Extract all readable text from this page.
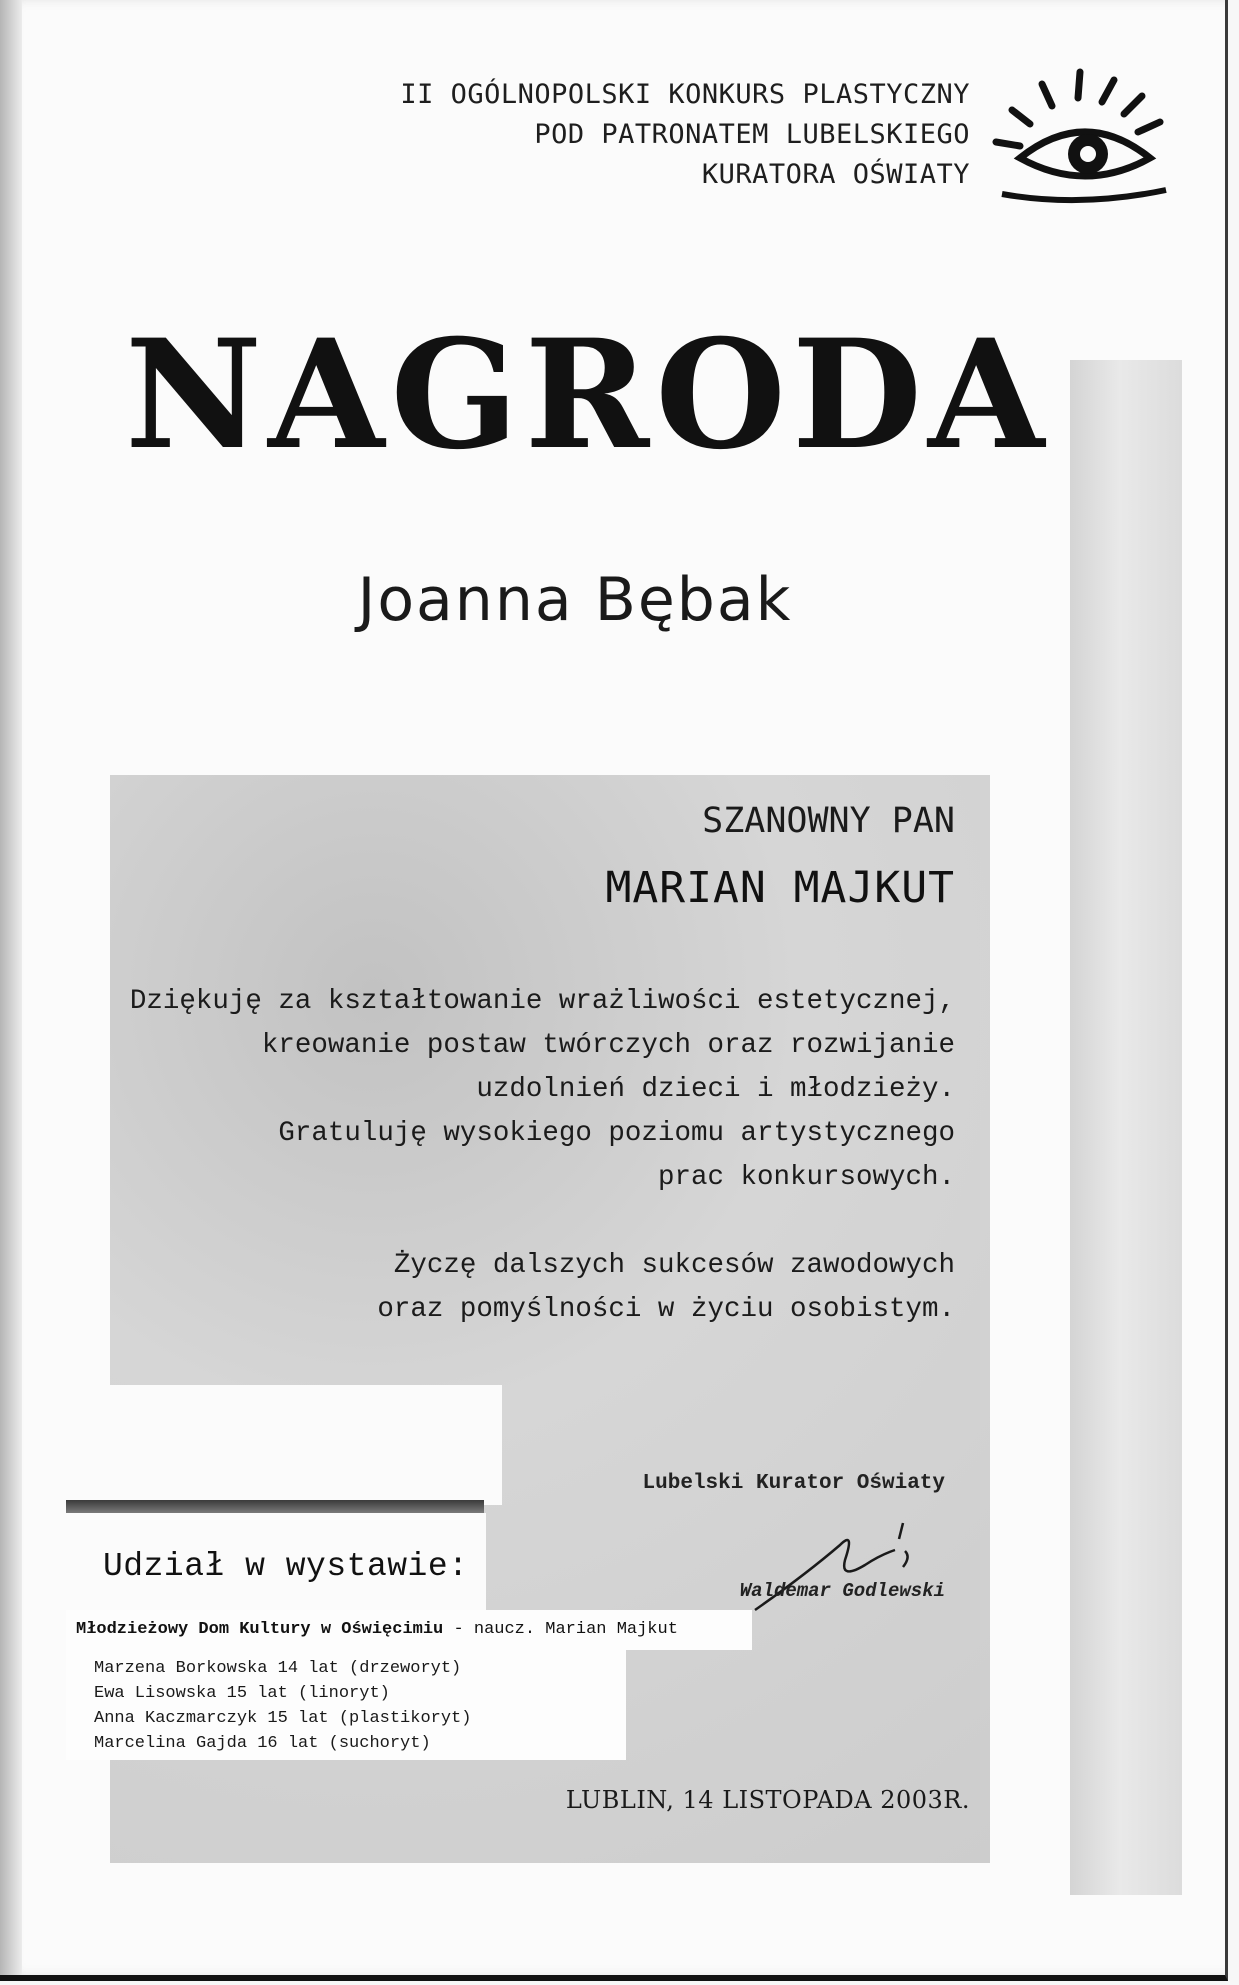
II OGÓLNOPOLSKI KONKURS PLASTYCZNY
POD PATRONATEM LUBELSKIEGO
KURATORA OŚWIATY
NAGRODA
Joanna Bębak
SZANOWNY PAN
MARIAN MAJKUT

Dziękuję za kształtowanie wrażliwości estetycznej,

kreowanie postaw twórczych oraz rozwijanie

uzdolnień dzieci i młodzieży.

Gratuluję wysokiego poziomu artystycznego

prac konkursowych.

Życzę dalszych sukcesów zawodowych

oraz pomyślności w życiu osobistym.

Lubelski Kurator Oświaty
Waldemar Godlewski
LUBLIN, 14 LISTOPADA 2003R.
Udział w wystawie:
Młodzieżowy Dom Kultury w Oświęcimiu - naucz. Marian Majkut
Marzena Borkowska 14 lat (drzeworyt)
Ewa Lisowska 15 lat (linoryt)
Anna Kaczmarczyk 15 lat (plastikoryt)
Marcelina Gajda 16 lat (suchoryt)
